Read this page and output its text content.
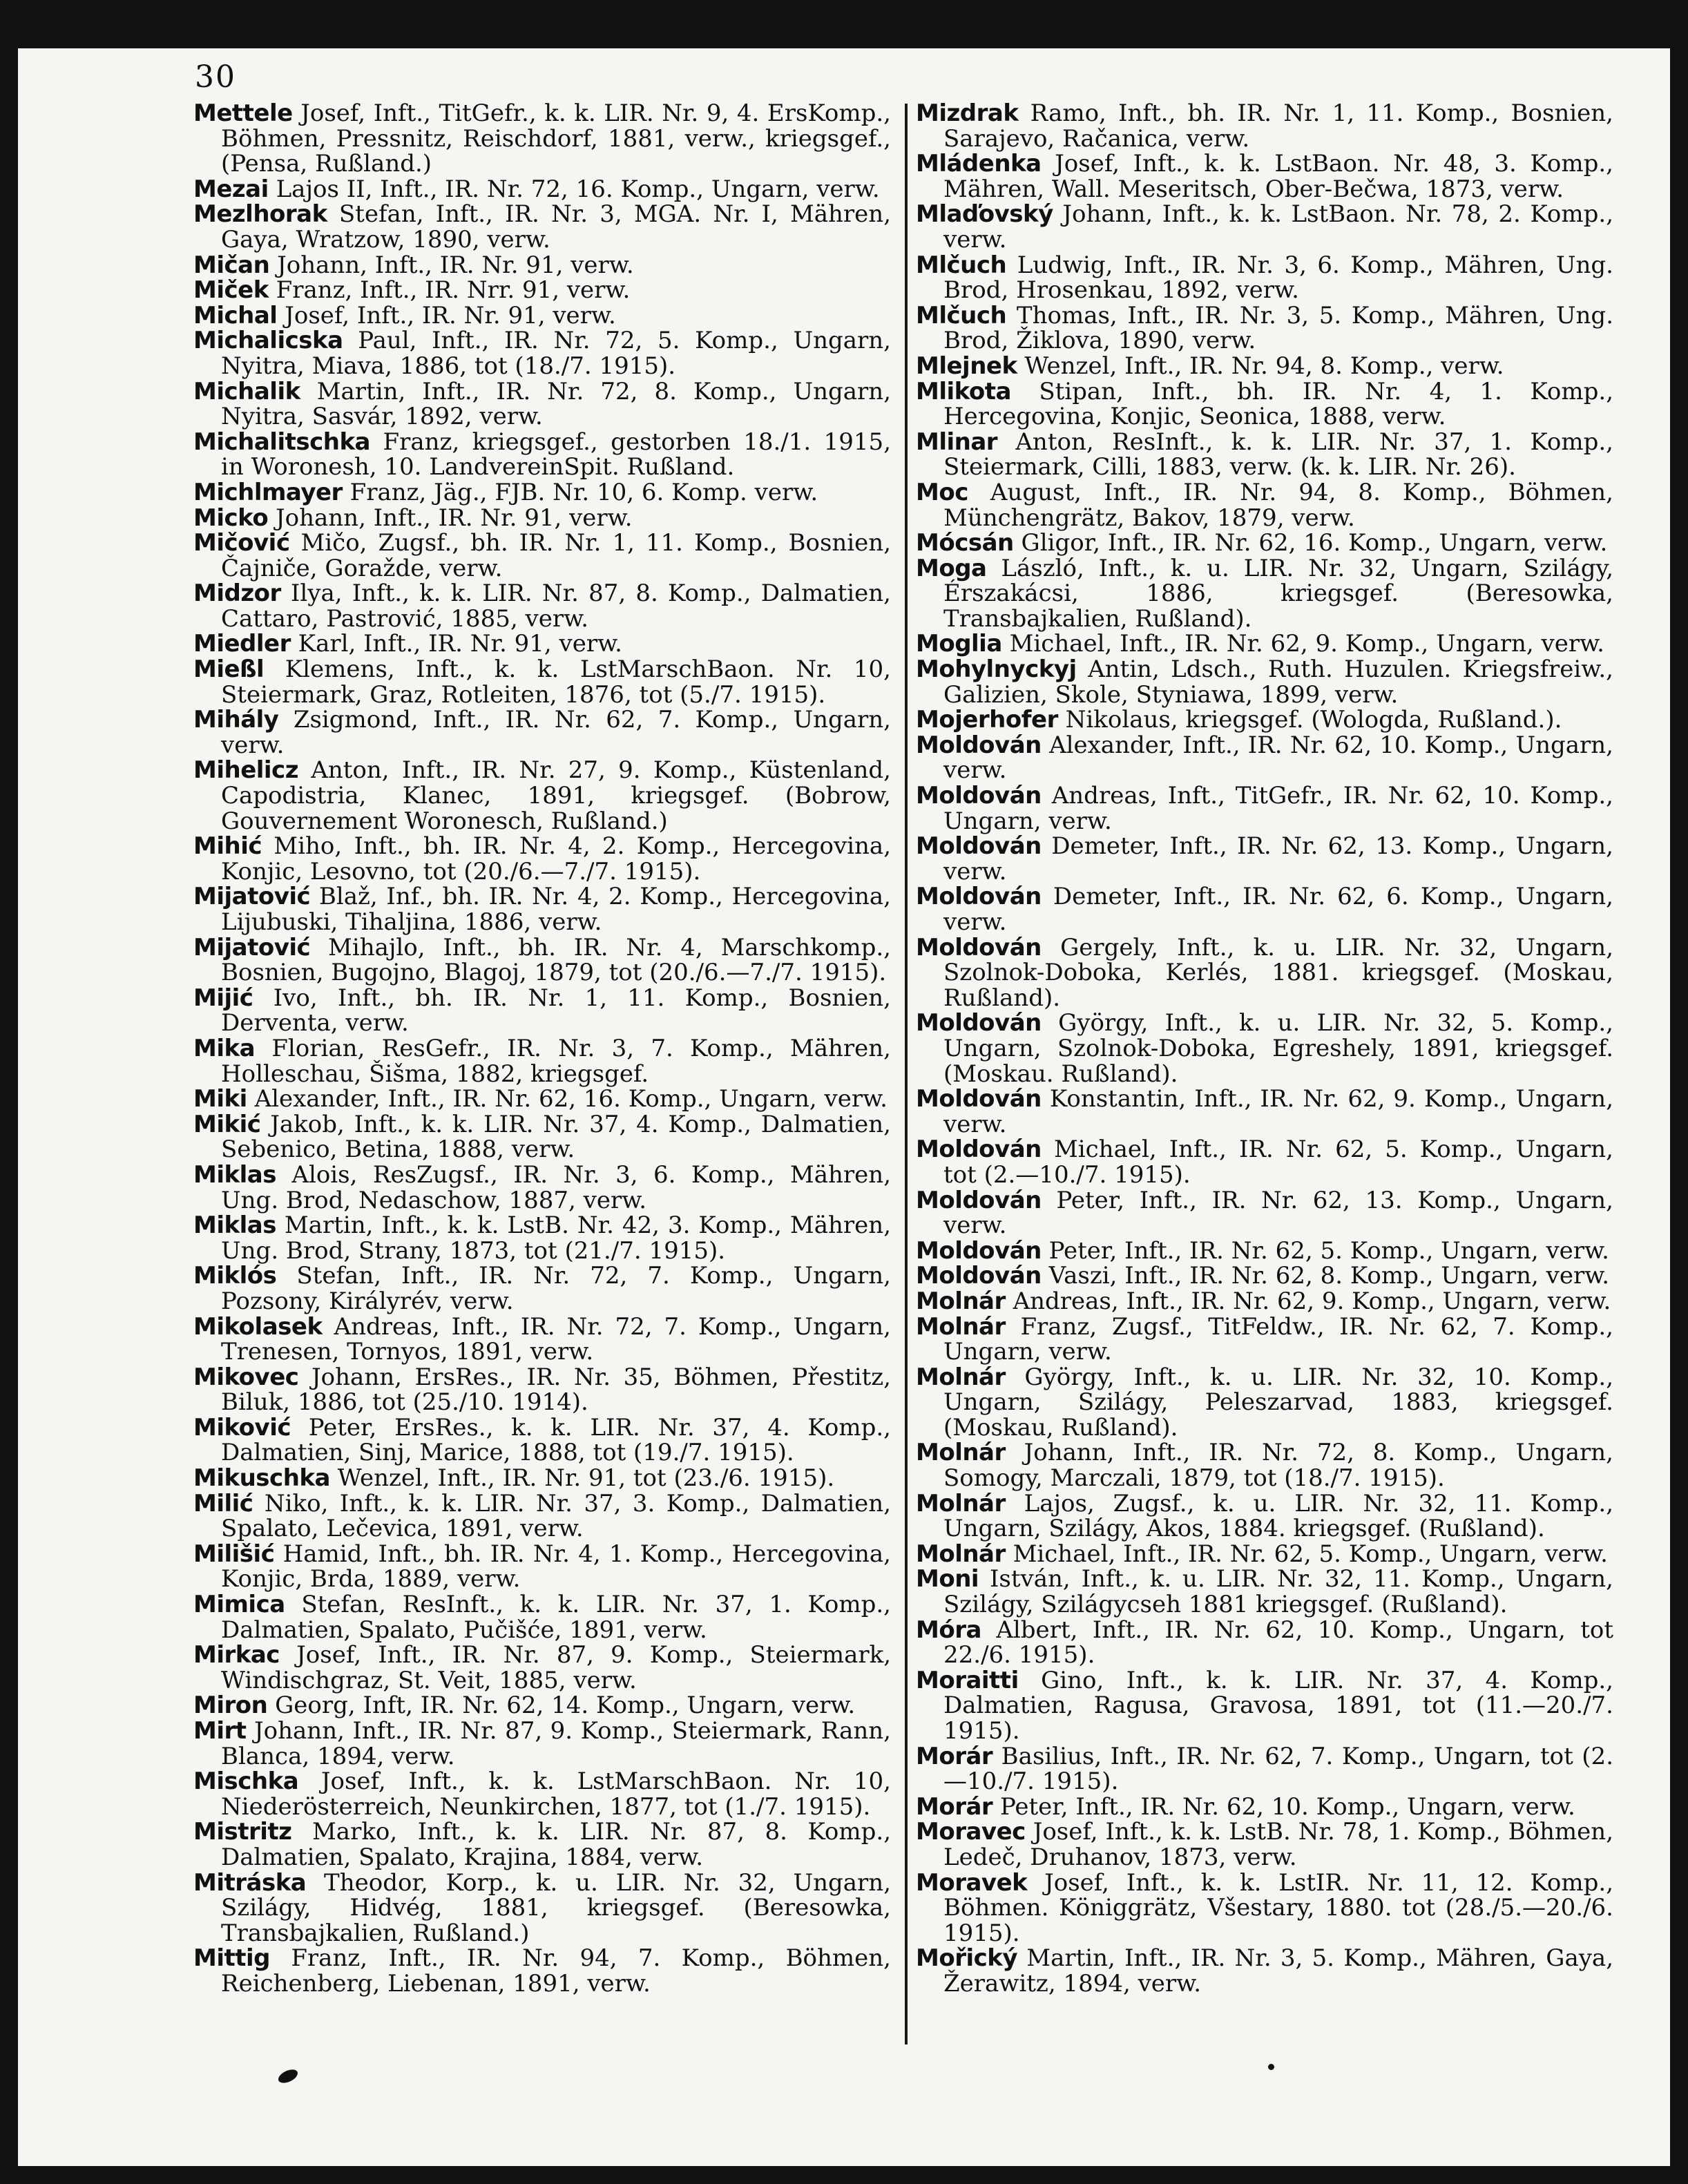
30

Mettele Josef, Inft., TitGefr., k. k. LIR. Nr. 9, 4. ErsKomp., Böhmen, Pressnitz, Reischdorf, 1881, verw., kriegsgef., (Pensa, Rußland.)

Mezai Lajos II, Inft., IR. Nr. 72, 16. Komp., Ungarn, verw.

Mezlhorak Stefan, Inft., IR. Nr. 3, MGA. Nr. I, Mähren, Gaya, Wratzow, 1890, verw.

Mičan Johann, Inft., IR. Nr. 91, verw.

Miček Franz, Inft., IR. Nrr. 91, verw.

Michal Josef, Inft., IR. Nr. 91, verw.

Michalicska Paul, Inft., IR. Nr. 72, 5. Komp., Ungarn, Nyitra, Miava, 1886, tot (18./7. 1915).

Michalik Martin, Inft., IR. Nr. 72, 8. Komp., Ungarn, Nyitra, Sasvár, 1892, verw.

Michalitschka Franz, kriegsgef., gestorben 18./1. 1915, in Woronesh, 10. LandvereinSpit. Rußland.

Michlmayer Franz, Jäg., FJB. Nr. 10, 6. Komp. verw.

Micko Johann, Inft., IR. Nr. 91, verw.

Mičović Mičo, Zugsf., bh. IR. Nr. 1, 11. Komp., Bosnien, Čajniče, Goražde, verw.

Midzor Ilya, Inft., k. k. LIR. Nr. 87, 8. Komp., Dalmatien, Cattaro, Pastrović, 1885, verw.

Miedler Karl, Inft., IR. Nr. 91, verw.

Mießl Klemens, Inft., k. k. LstMarschBaon. Nr. 10, Steiermark, Graz, Rotleiten, 1876, tot (5./7. 1915).

Mihály Zsigmond, Inft., IR. Nr. 62, 7. Komp., Ungarn, verw.

Mihelicz Anton, Inft., IR. Nr. 27, 9. Komp., Küstenland, Capodistria, Klanec, 1891, kriegsgef. (Bobrow, Gouvernement Woronesch, Rußland.)

Mihić Miho, Inft., bh. IR. Nr. 4, 2. Komp., Hercegovina, Konjic, Lesovno, tot (20./6.—7./7. 1915).

Mijatović Blaž, Inf., bh. IR. Nr. 4, 2. Komp., Hercegovina, Lijubuski, Tihaljina, 1886, verw.

Mijatović Mihajlo, Inft., bh. IR. Nr. 4, Marschkomp., Bosnien, Bugojno, Blagoj, 1879, tot (20./6.—7./7. 1915).

Mijić Ivo, Inft., bh. IR. Nr. 1, 11. Komp., Bosnien, Derventa, verw.

Mika Florian, ResGefr., IR. Nr. 3, 7. Komp., Mähren, Holleschau, Šišma, 1882, kriegsgef.

Miki Alexander, Inft., IR. Nr. 62, 16. Komp., Ungarn, verw.

Mikić Jakob, Inft., k. k. LIR. Nr. 37, 4. Komp., Dalmatien, Sebenico, Betina, 1888, verw.

Miklas Alois, ResZugsf., IR. Nr. 3, 6. Komp., Mähren, Ung. Brod, Nedaschow, 1887, verw.

Miklas Martin, Inft., k. k. LstB. Nr. 42, 3. Komp., Mähren, Ung. Brod, Strany, 1873, tot (21./7. 1915).

Miklós Stefan, Inft., IR. Nr. 72, 7. Komp., Ungarn, Pozsony, Királyrév, verw.

Mikolasek Andreas, Inft., IR. Nr. 72, 7. Komp., Ungarn, Trenesen, Tornyos, 1891, verw.

Mikovec Johann, ErsRes., IR. Nr. 35, Böhmen, Přestitz, Biluk, 1886, tot (25./10. 1914).

Miković Peter, ErsRes., k. k. LIR. Nr. 37, 4. Komp., Dalmatien, Sinj, Marice, 1888, tot (19./7. 1915).

Mikuschka Wenzel, Inft., IR. Nr. 91, tot (23./6. 1915).

Milić Niko, Inft., k. k. LIR. Nr. 37, 3. Komp., Dalmatien, Spalato, Lečevica, 1891, verw.

Milišić Hamid, Inft., bh. IR. Nr. 4, 1. Komp., Hercegovina, Konjic, Brda, 1889, verw.

Mimica Stefan, ResInft., k. k. LIR. Nr. 37, 1. Komp., Dalmatien, Spalato, Pučišće, 1891, verw.

Mirkac Josef, Inft., IR. Nr. 87, 9. Komp., Steiermark, Windischgraz, St. Veit, 1885, verw.

Miron Georg, Inft, IR. Nr. 62, 14. Komp., Ungarn, verw.

Mirt Johann, Inft., IR. Nr. 87, 9. Komp., Steiermark, Rann, Blanca, 1894, verw.

Mischka Josef, Inft., k. k. LstMarschBaon. Nr. 10, Niederösterreich, Neunkirchen, 1877, tot (1./7. 1915).

Mistritz Marko, Inft., k. k. LIR. Nr. 87, 8. Komp., Dalmatien, Spalato, Krajina, 1884, verw.

Mitráska Theodor, Korp., k. u. LIR. Nr. 32, Ungarn, Szilágy, Hidvég, 1881, kriegsgef. (Beresowka, Transbajkalien, Rußland.)

Mittig Franz, Inft., IR. Nr. 94, 7. Komp., Böhmen, Reichenberg, Liebenan, 1891, verw.

Mizdrak Ramo, Inft., bh. IR. Nr. 1, 11. Komp., Bosnien, Sarajevo, Račanica, verw.

Mládenka Josef, Inft., k. k. LstBaon. Nr. 48, 3. Komp., Mähren, Wall. Meseritsch, Ober-Bečwa, 1873, verw.

Mlaďovský Johann, Inft., k. k. LstBaon. Nr. 78, 2. Komp., verw.

Mlčuch Ludwig, Inft., IR. Nr. 3, 6. Komp., Mähren, Ung. Brod, Hrosenkau, 1892, verw.

Mlčuch Thomas, Inft., IR. Nr. 3, 5. Komp., Mähren, Ung. Brod, Žiklova, 1890, verw.

Mlejnek Wenzel, Inft., IR. Nr. 94, 8. Komp., verw.

Mlikota Stipan, Inft., bh. IR. Nr. 4, 1. Komp., Hercegovina, Konjic, Seonica, 1888, verw.

Mlinar Anton, ResInft., k. k. LIR. Nr. 37, 1. Komp., Steiermark, Cilli, 1883, verw. (k. k. LIR. Nr. 26).

Moc August, Inft., IR. Nr. 94, 8. Komp., Böhmen, Münchengrätz, Bakov, 1879, verw.

Mócsán Gligor, Inft., IR. Nr. 62, 16. Komp., Ungarn, verw.

Moga László, Inft., k. u. LIR. Nr. 32, Ungarn, Szilágy, Érszakácsi, 1886, kriegsgef. (Beresowka, Transbajkalien, Rußland).

Moglia Michael, Inft., IR. Nr. 62, 9. Komp., Ungarn, verw.

Mohylnyckyj Antin, Ldsch., Ruth. Huzulen. Kriegsfreiw., Galizien, Skole, Styniawa, 1899, verw.

Mojerhofer Nikolaus, kriegsgef. (Wologda, Rußland.).

Moldován Alexander, Inft., IR. Nr. 62, 10. Komp., Ungarn, verw.

Moldován Andreas, Inft., TitGefr., IR. Nr. 62, 10. Komp., Ungarn, verw.

Moldován Demeter, Inft., IR. Nr. 62, 13. Komp., Ungarn, verw.

Moldován Demeter, Inft., IR. Nr. 62, 6. Komp., Ungarn, verw.

Moldován Gergely, Inft., k. u. LIR. Nr. 32, Ungarn, Szolnok-Doboka, Kerlés, 1881. kriegsgef. (Moskau, Rußland).

Moldován György, Inft., k. u. LIR. Nr. 32, 5. Komp., Ungarn, Szolnok-Doboka, Egreshely, 1891, kriegsgef. (Moskau. Rußland).

Moldován Konstantin, Inft., IR. Nr. 62, 9. Komp., Ungarn, verw.

Moldován Michael, Inft., IR. Nr. 62, 5. Komp., Ungarn, tot (2.—10./7. 1915).

Moldován Peter, Inft., IR. Nr. 62, 13. Komp., Ungarn, verw.

Moldován Peter, Inft., IR. Nr. 62, 5. Komp., Ungarn, verw.

Moldován Vaszi, Inft., IR. Nr. 62, 8. Komp., Ungarn, verw.

Molnár Andreas, Inft., IR. Nr. 62, 9. Komp., Ungarn, verw.

Molnár Franz, Zugsf., TitFeldw., IR. Nr. 62, 7. Komp., Ungarn, verw.

Molnár György, Inft., k. u. LIR. Nr. 32, 10. Komp., Ungarn, Szilágy, Peleszarvad, 1883, kriegsgef. (Moskau, Rußland).

Molnár Johann, Inft., IR. Nr. 72, 8. Komp., Ungarn, Somogy, Marczali, 1879, tot (18./7. 1915).

Molnár Lajos, Zugsf., k. u. LIR. Nr. 32, 11. Komp., Ungarn, Szilágy, Akos, 1884. kriegsgef. (Rußland).

Molnár Michael, Inft., IR. Nr. 62, 5. Komp., Ungarn, verw.

Moni István, Inft., k. u. LIR. Nr. 32, 11. Komp., Ungarn, Szilágy, Szilágycseh 1881 kriegsgef. (Rußland).

Móra Albert, Inft., IR. Nr. 62, 10. Komp., Ungarn, tot 22./6. 1915).

Moraitti Gino, Inft., k. k. LIR. Nr. 37, 4. Komp., Dalmatien, Ragusa, Gravosa, 1891, tot (11.—20./7. 1915).

Morár Basilius, Inft., IR. Nr. 62, 7. Komp., Ungarn, tot (2.—10./7. 1915).

Morár Peter, Inft., IR. Nr. 62, 10. Komp., Ungarn, verw.

Moravec Josef, Inft., k. k. LstB. Nr. 78, 1. Komp., Böhmen, Ledeč, Druhanov, 1873, verw.

Moravek Josef, Inft., k. k. LstIR. Nr. 11, 12. Komp., Böhmen. Königgrätz, Všestary, 1880. tot (28./5.—20./6. 1915).

Mořický Martin, Inft., IR. Nr. 3, 5. Komp., Mähren, Gaya, Žerawitz, 1894, verw.
